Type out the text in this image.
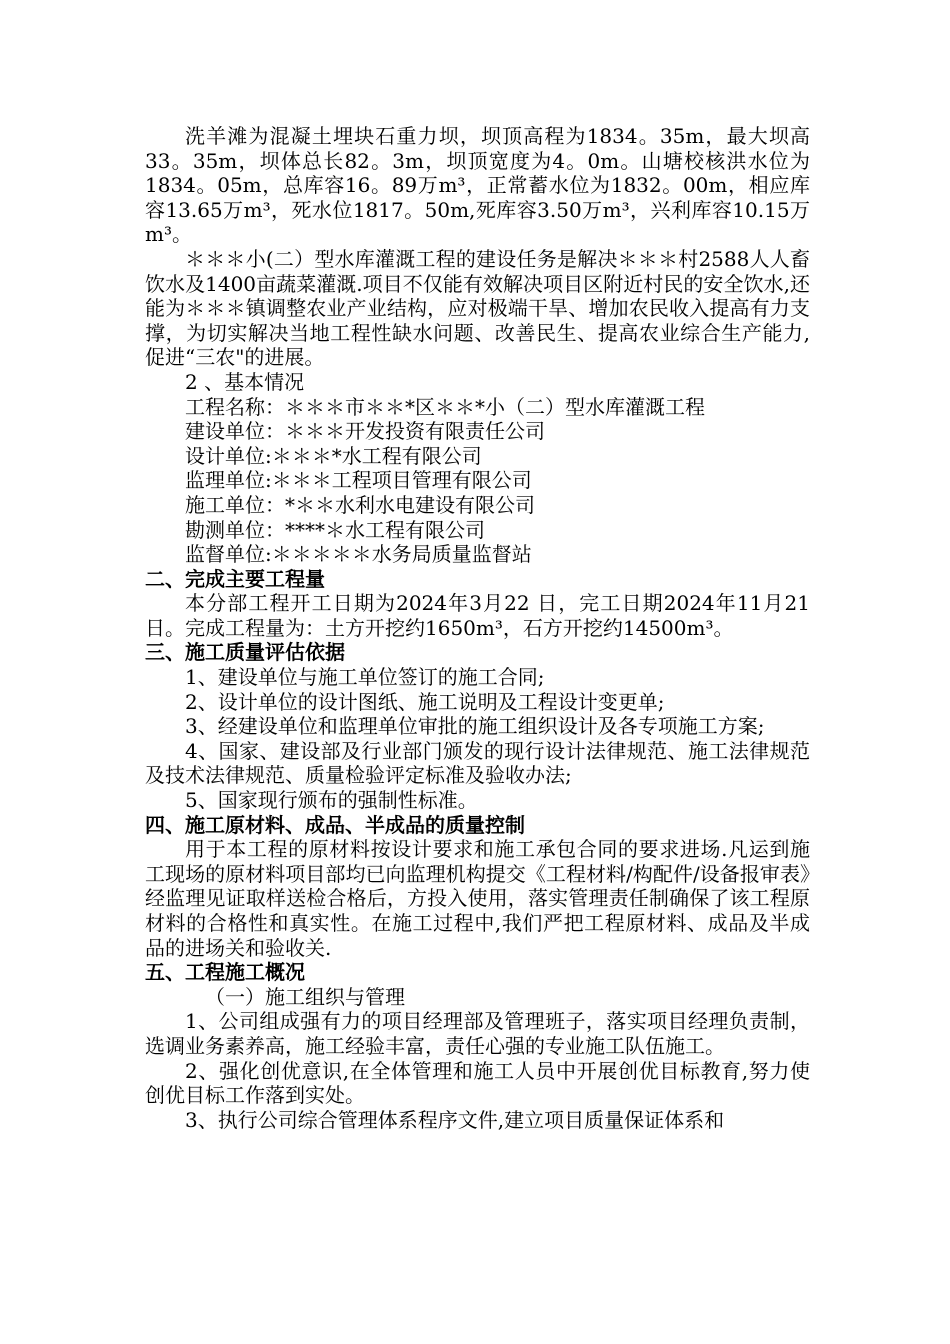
洗羊滩为混凝土埋块石重力坝，坝顶高程为1834。35m，最大坝高33。35m，坝体总长82。3m，坝顶宽度为4。0m。山塘校核洪水位为1834。05m，总库容16。89万m³，正常蓄水位为1832。00m，相应库容13.65万m³，死水位1817。50m,死库容3.50万m³，兴利库容10.15万m³。

＊＊＊小(二）型水库灌溉工程的建设任务是解决＊＊＊村2588人人畜饮水及1400亩蔬菜灌溉.项目不仅能有效解决项目区附近村民的安全饮水,还能为＊＊＊镇调整农业产业结构，应对极端干旱、增加农民收入提高有力支撑，为切实解决当地工程性缺水问题、改善民生、提高农业综合生产能力,促进“三农"的进展。

2 、基本情况

工程名称：＊＊＊市＊＊*区＊＊*小（二）型水库灌溉工程

建设单位：＊＊＊开发投资有限责任公司

设计单位:＊＊＊*水工程有限公司

监理单位:＊＊＊工程项目管理有限公司

施工单位：*＊＊水利水电建设有限公司

勘测单位：****＊水工程有限公司

监督单位:＊＊＊＊＊水务局质量监督站

二、完成主要工程量

本分部工程开工日期为2024年3月22 日，完工日期2024年11月21日。完成工程量为：土方开挖约1650m³，石方开挖约14500m³。

三、施工质量评估依据

1、建设单位与施工单位签订的施工合同;

2、设计单位的设计图纸、施工说明及工程设计变更单;

3、经建设单位和监理单位审批的施工组织设计及各专项施工方案;

4、国家、建设部及行业部门颁发的现行设计法律规范、施工法律规范及技术法律规范、质量检验评定标准及验收办法;

5、国家现行颁布的强制性标准。

四、施工原材料、成品、半成品的质量控制

用于本工程的原材料按设计要求和施工承包合同的要求进场.凡运到施工现场的原材料项目部均已向监理机构提交《工程材料/构配件/设备报审表》经监理见证取样送检合格后，方投入使用，落实管理责任制确保了该工程原材料的合格性和真实性。在施工过程中,我们严把工程原材料、成品及半成品的进场关和验收关.

五、工程施工概况

（一）施工组织与管理

1、公司组成强有力的项目经理部及管理班子，落实项目经理负责制，选调业务素养高，施工经验丰富，责任心强的专业施工队伍施工。

2、强化创优意识,在全体管理和施工人员中开展创优目标教育,努力使创优目标工作落到实处。

3、执行公司综合管理体系程序文件,建立项目质量保证体系和
